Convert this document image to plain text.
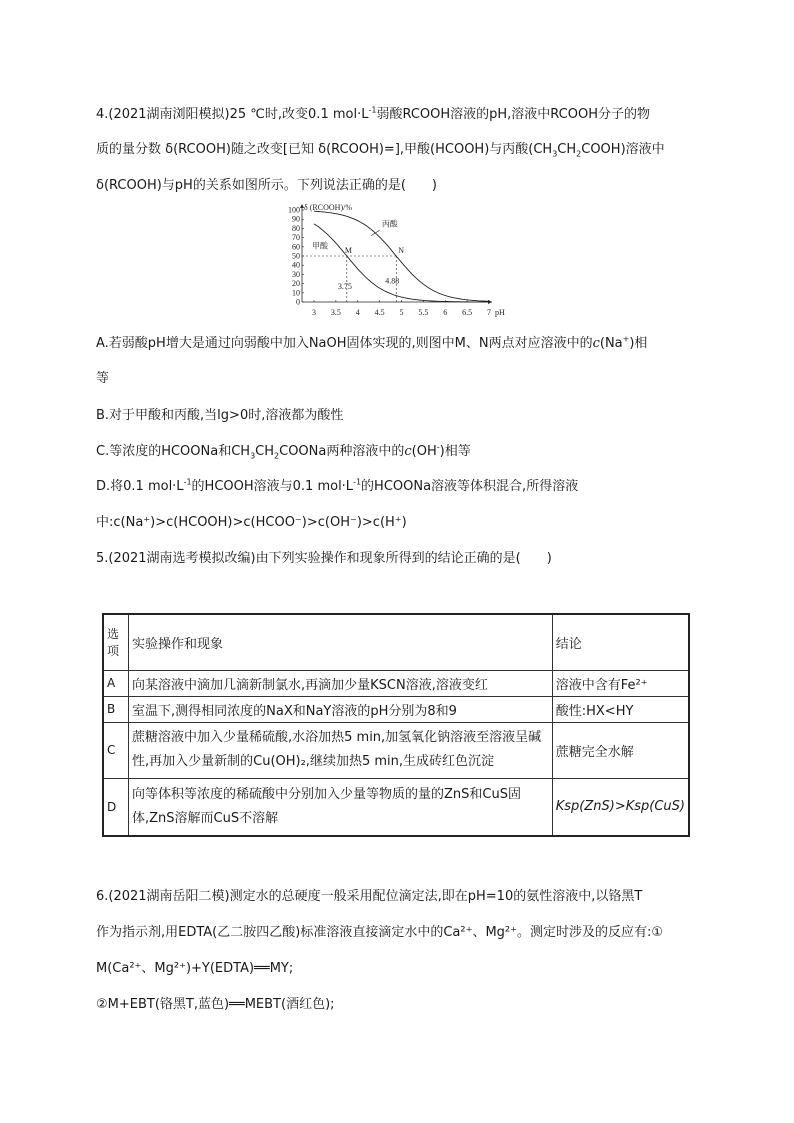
4.(2021湖南浏阳模拟)25 ℃时,改变0.1 $mol\cdot L^{-1}$弱酸RCOOH溶液的pH,溶液中RCOOH分子的物
质的量分数 δ(RCOOH)随之改变[已知 δ(RCOOH)=],甲酸(HCOOH)与丙酸$(CH_3CH_2COOH)$溶液中
δ(RCOOH)与pH的关系如图所示。下列说法正确的是(　　)
0
10
20
30
40
50
60
70
80
90
100
3 3.5 4 4.5 5 5.5 6 6.5 7
δ (RCOOH)/%
pH
甲酸
丙酸
M	N
3.75
4.88
A.若弱酸pH增大是通过向弱酸中加入NaOH固体实现的,则图中M、N两点对应溶液中的c(Na+)相
等
B.对于甲酸和丙酸,当lg>0时,溶液都为酸性
C.等浓度的HCOONa和$CH_3CH_2COONa$两种溶液中的c(OH-)相等
D.将0.1 $mol\cdot L^{-1}$的HCOOH溶液与0.1 $mol\cdot L^{-1}$的HCOONa溶液等体积混合,所得溶液
中:c(Na⁺)>c(HCOOH)>c(HCOO⁻)>c(OH⁻)>c(H⁺)
5.(2021湖南选考模拟改编)由下列实验操作和现象所得到的结论正确的是(　　)
选
项	实验操作和现象	结论
A	向某溶液中滴加几滴新制氯水,再滴加少量KSCN溶液,溶液变红	溶液中含有Fe²⁺
B	室温下,测得相同浓度的NaX和NaY溶液的pH分别为8和9	酸性:HX<HY
C	蔗糖溶液中加入少量稀硫酸,水浴加热5 min,加氢氧化钠溶液至溶液呈碱性,再加入少量新制的Cu(OH)₂,继续加热5 min,生成砖红色沉淀	蔗糖完全水解
D	向等体积等浓度的稀硫酸中分别加入少量等物质的量的ZnS和CuS固体,ZnS溶解而CuS不溶解	Ksp(ZnS)>Ksp(CuS)
6.(2021湖南岳阳二模)测定水的总硬度一般采用配位滴定法,即在pH=10的氨性溶液中,以铬黑T
作为指示剂,用EDTA(乙二胺四乙酸)标准溶液直接滴定水中的Ca²⁺、Mg²⁺。测定时涉及的反应有:①
M(Ca²⁺、Mg²⁺)+Y(EDTA)══MY;
②M+EBT(铬黑T,蓝色)══MEBT(酒红色);
